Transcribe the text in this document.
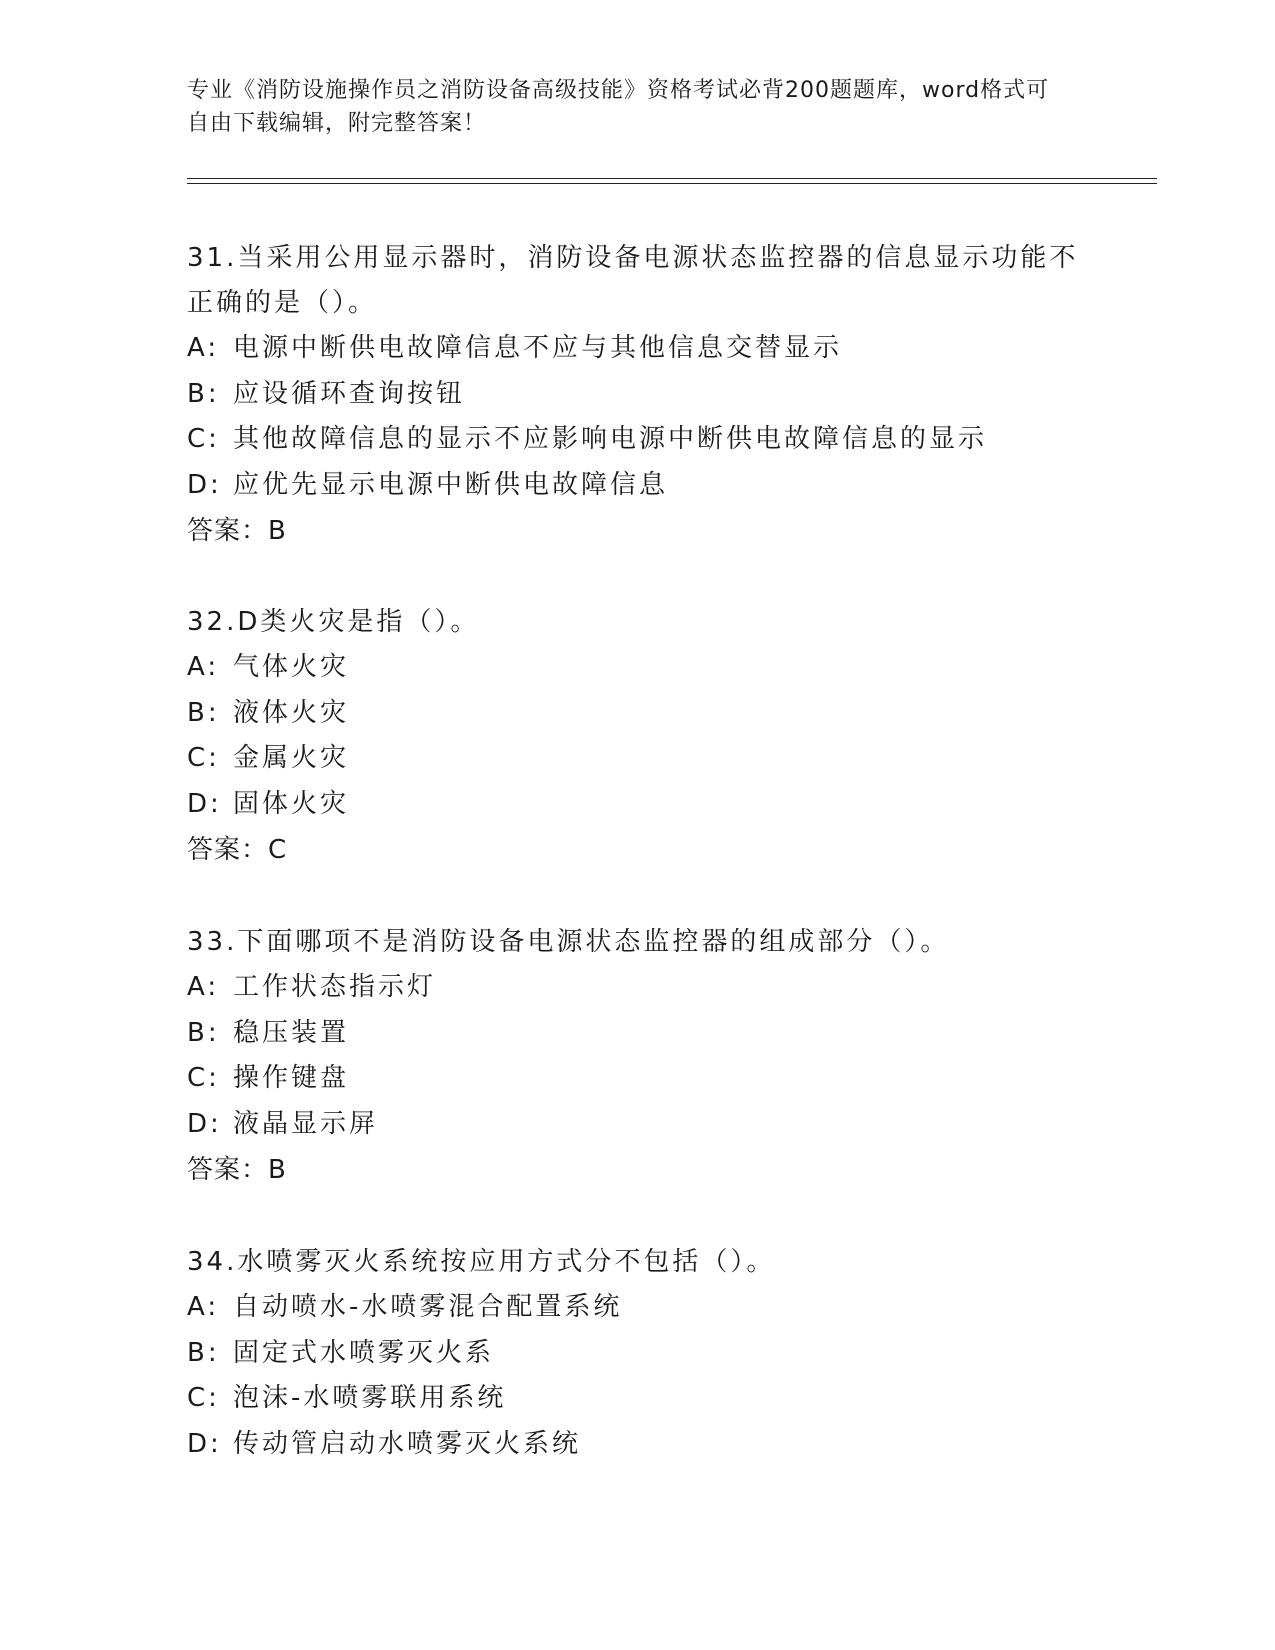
专业《消防设施操作员之消防设备高级技能》资格考试必背200题题库，word格式可自由下载编辑，附完整答案！

31.当采用公用显示器时，消防设备电源状态监控器的信息显示功能不正确的是（）。

A: 电源中断供电故障信息不应与其他信息交替显示
B: 应设循环查询按钮
C: 其他故障信息的显示不应影响电源中断供电故障信息的显示
D: 应优先显示电源中断供电故障信息
答案：B

32.D类火灾是指（）。

A: 气体火灾
B: 液体火灾
C: 金属火灾
D: 固体火灾
答案：C

33.下面哪项不是消防设备电源状态监控器的组成部分（）。

A: 工作状态指示灯
B: 稳压装置
C: 操作键盘
D: 液晶显示屏
答案：B

34.水喷雾灭火系统按应用方式分不包括（）。

A: 自动喷水-水喷雾混合配置系统
B: 固定式水喷雾灭火系
C: 泡沫-水喷雾联用系统
D: 传动管启动水喷雾灭火系统
